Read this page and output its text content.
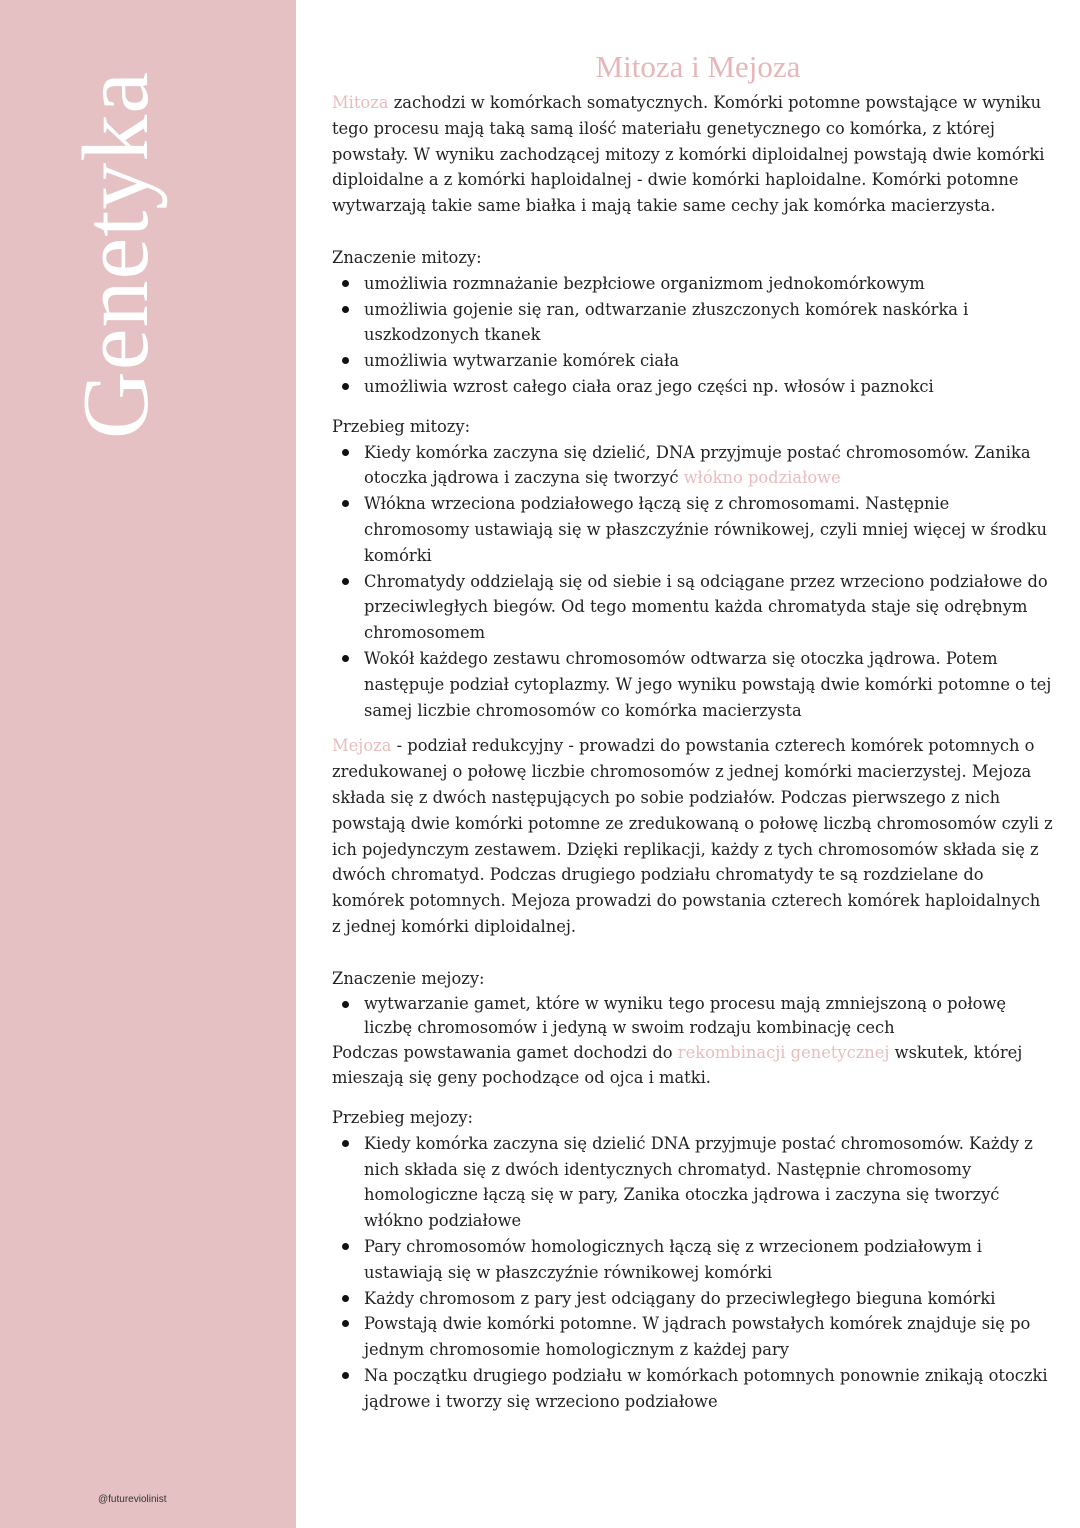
Genetyka
@futureviolinist
Mitoza i Mejoza

Mitoza zachodzi w komórkach somatycznych. Komórki potomne powstające w wyniku tego procesu mają taką samą ilość materiału genetycznego co komórka, z której powstały. W wyniku zachodzącej mitozy z komórki diploidalnej powstają dwie komórki diploidalne a z komórki haploidalnej - dwie komórki haploidalne. Komórki potomne wytwarzają takie same białka i mają takie same cechy jak komórka macierzysta.

Znaczenie mitozy:

umożliwia rozmnażanie bezpłciowe organizmom jednokomórkowym
umożliwia gojenie się ran, odtwarzanie złuszczonych komórek naskórka i uszkodzonych tkanek
umożliwia wytwarzanie komórek ciała
umożliwia wzrost całego ciała oraz jego części np. włosów i paznokci

Przebieg mitozy:

Kiedy komórka zaczyna się dzielić, DNA przyjmuje postać chromosomów. Zanika otoczka jądrowa i zaczyna się tworzyć włókno podziałowe
Włókna wrzeciona podziałowego łączą się z chromosomami. Następnie chromosomy ustawiają się w płaszczyźnie równikowej, czyli mniej więcej w środku komórki
Chromatydy oddzielają się od siebie i są odciągane przez wrzeciono podziałowe do przeciwległych biegów. Od tego momentu każda chromatyda staje się odrębnym chromosomem
Wokół każdego zestawu chromosomów odtwarza się otoczka jądrowa. Potem następuje podział cytoplazmy. W jego wyniku powstają dwie komórki potomne o tej samej liczbie chromosomów co komórka macierzysta

Mejoza - podział redukcyjny - prowadzi do powstania czterech komórek potomnych o zredukowanej o połowę liczbie chromosomów z jednej komórki macierzystej. Mejoza składa się z dwóch następujących po sobie podziałów. Podczas pierwszego z nich powstają dwie komórki potomne ze zredukowaną o połowę liczbą chromosomów czyli z ich pojedynczym zestawem. Dzięki replikacji, każdy z tych chromosomów składa się z dwóch chromatyd. Podczas drugiego podziału chromatydy te są rozdzielane do komórek potomnych. Mejoza prowadzi do powstania czterech komórek haploidalnych z jednej komórki diploidalnej.

Znaczenie mejozy:

wytwarzanie gamet, które w wyniku tego procesu mają zmniejszoną o połowę liczbę chromosomów i jedyną w swoim rodzaju kombinację cech

Podczas powstawania gamet dochodzi do rekombinacji genetycznej wskutek, której mieszają się geny pochodzące od ojca i matki.

Przebieg mejozy:

Kiedy komórka zaczyna się dzielić DNA przyjmuje postać chromosomów. Każdy z nich składa się z dwóch identycznych chromatyd. Następnie chromosomy homologiczne łączą się w pary, Zanika otoczka jądrowa i zaczyna się tworzyć włókno podziałowe
Pary chromosomów homologicznych łączą się z wrzecionem podziałowym i ustawiają się w płaszczyźnie równikowej komórki
Każdy chromosom z pary jest odciągany do przeciwległego bieguna komórki
Powstają dwie komórki potomne. W jądrach powstałych komórek znajduje się po jednym chromosomie homologicznym z każdej pary
Na początku drugiego podziału w komórkach potomnych ponownie znikają otoczki jądrowe i tworzy się wrzeciono podziałowe
